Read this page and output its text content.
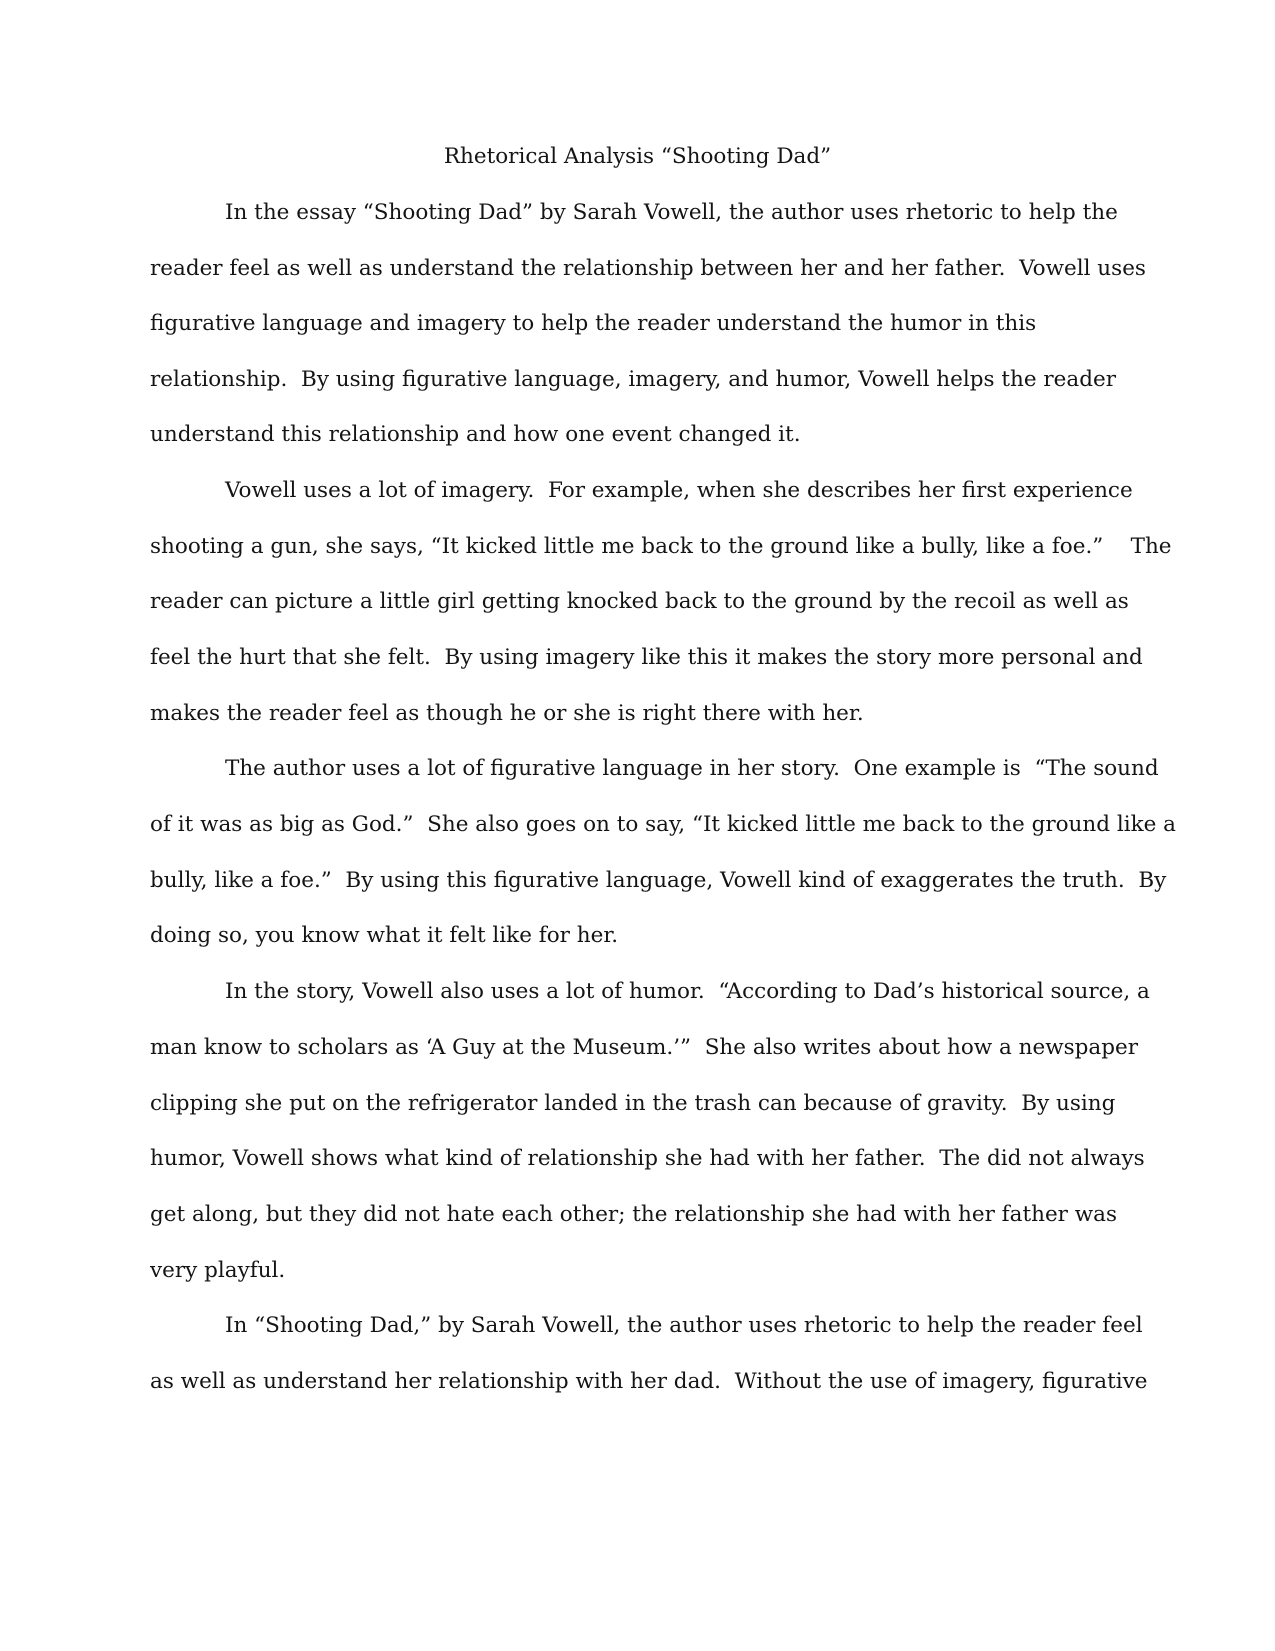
Rhetorical Analysis “Shooting Dad”
In the essay “Shooting Dad” by Sarah Vowell, the author uses rhetoric to help the
reader feel as well as understand the relationship between her and her father.  Vowell uses
figurative language and imagery to help the reader understand the humor in this
relationship.  By using figurative language, imagery, and humor, Vowell helps the reader
understand this relationship and how one event changed it.
Vowell uses a lot of imagery.  For example, when she describes her first experience
shooting a gun, she says, “It kicked little me back to the ground like a bully, like a foe.”    The
reader can picture a little girl getting knocked back to the ground by the recoil as well as
feel the hurt that she felt.  By using imagery like this it makes the story more personal and
makes the reader feel as though he or she is right there with her.
The author uses a lot of figurative language in her story.  One example is  “The sound
of it was as big as God.”  She also goes on to say, “It kicked little me back to the ground like a
bully, like a foe.”  By using this figurative language, Vowell kind of exaggerates the truth.  By
doing so, you know what it felt like for her.
In the story, Vowell also uses a lot of humor.  “According to Dad’s historical source, a
man know to scholars as ‘A Guy at the Museum.’”  She also writes about how a newspaper
clipping she put on the refrigerator landed in the trash can because of gravity.  By using
humor, Vowell shows what kind of relationship she had with her father.  The did not always
get along, but they did not hate each other; the relationship she had with her father was
very playful.
In “Shooting Dad,” by Sarah Vowell, the author uses rhetoric to help the reader feel
as well as understand her relationship with her dad.  Without the use of imagery, figurative
